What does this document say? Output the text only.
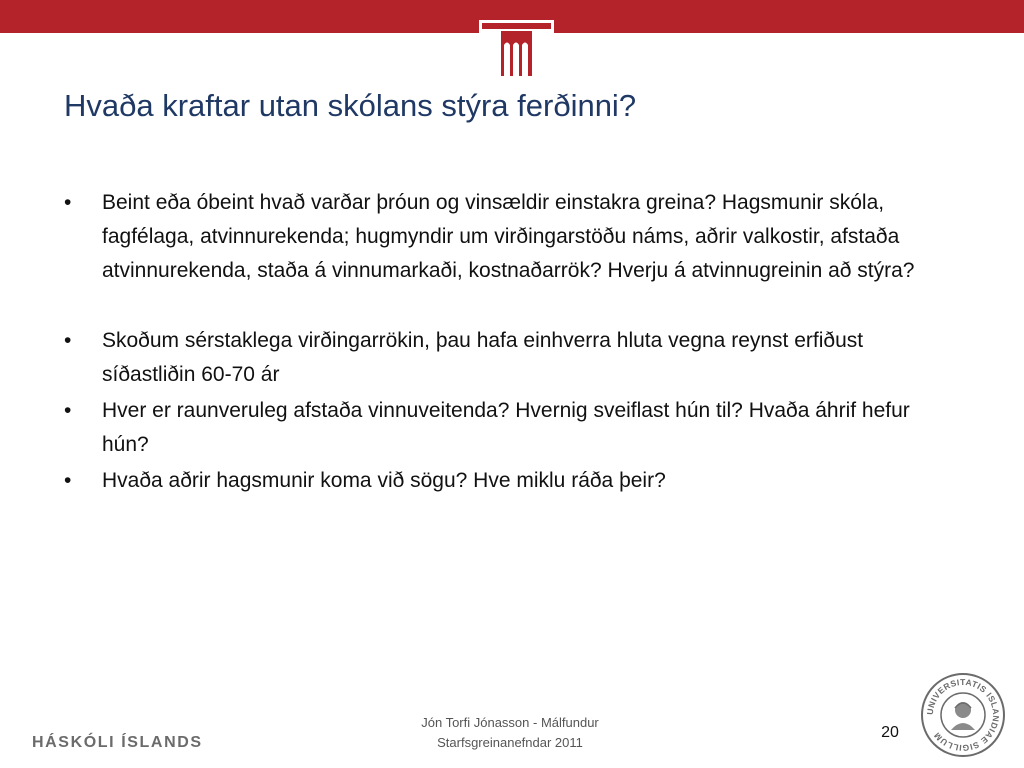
Hvaða kraftar utan skólans stýra ferðinni?
• Beint eða óbeint hvað varðar þróun og vinsældir einstakra greina? Hagsmunir skóla, fagfélaga, atvinnurekenda; hugmyndir um virðingarstöðu náms, aðrir valkostir, afstaða atvinnurekenda, staða á vinnumarkaði, kostnaðarrök? Hverju á atvinnugreinin að stýra?
• Skoðum sérstaklega virðingarrökin, þau hafa einhverra hluta vegna reynst erfiðust síðastliðin 60-70 ár
• Hver er raunveruleg afstaða vinnuveitenda? Hvernig sveiflast hún til? Hvaða áhrif hefur hún?
• Hvaða aðrir hagsmunir koma við sögu? Hve miklu ráða þeir?
HÁSKÓLI ÍSLANDS
Jón Torfi Jónasson - Málfundur
Starfsgreinanefndar 2011
20
UNIVERSITATIS ISLANDIAE SIGILLUM
